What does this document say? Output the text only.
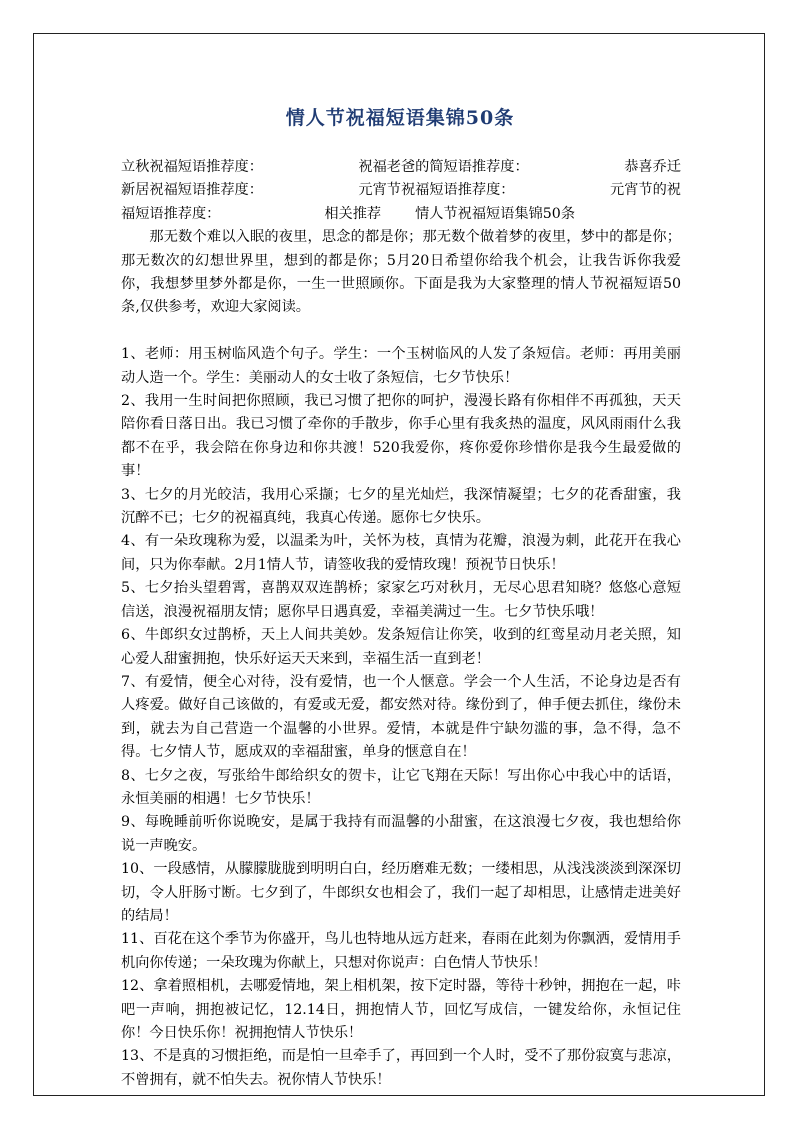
情人节祝福短语集锦50条
立秋祝福短语推荐度：	祝福老爸的简短语推荐度：	恭喜乔迁
新居祝福短语推荐度：	元宵节祝福短语推荐度：	元宵节的祝
福短语推荐度：	相关推荐 情人节祝福短语集锦50条

那无数个难以入眠的夜里，思念的都是你；那无数个做着梦的夜里，梦中的都是你；那无数次的幻想世界里，想到的都是你；5月20日希望你给我个机会，让我告诉你我爱你，我想梦里梦外都是你，一生一世照顾你。下面是我为大家整理的情人节祝福短语50条,仅供参考，欢迎大家阅读。

1、老师：用玉树临风造个句子。学生：一个玉树临风的人发了条短信。老师：再用美丽动人造一个。学生：美丽动人的女士收了条短信，七夕节快乐！

2、我用一生时间把你照顾，我已习惯了把你的呵护，漫漫长路有你相伴不再孤独，天天陪你看日落日出。我已习惯了牵你的手散步，你手心里有我炙热的温度，风风雨雨什么我都不在乎，我会陪在你身边和你共渡！520我爱你，疼你爱你珍惜你是我今生最爱做的事！

3、七夕的月光皎洁，我用心采撷；七夕的星光灿烂，我深情凝望；七夕的花香甜蜜，我沉醉不已；七夕的祝福真纯，我真心传递。愿你七夕快乐。

4、有一朵玫瑰称为爱，以温柔为叶，关怀为枝，真情为花瓣，浪漫为刺，此花开在我心间，只为你奉献。2月1情人节，请签收我的爱情玫瑰！预祝节日快乐！

5、七夕抬头望碧霄，喜鹊双双连鹊桥；家家乞巧对秋月，无尽心思君知晓？悠悠心意短信送，浪漫祝福朋友情；愿你早日遇真爱，幸福美满过一生。七夕节快乐哦！

6、牛郎织女过鹊桥，天上人间共美妙。发条短信让你笑，收到的红鸾星动月老关照，知心爱人甜蜜拥抱，快乐好运天天来到，幸福生活一直到老！

7、有爱情，便全心对待，没有爱情，也一个人惬意。学会一个人生活，不论身边是否有人疼爱。做好自己该做的，有爱或无爱，都安然对待。缘份到了，伸手便去抓住，缘份未到，就去为自己营造一个温馨的小世界。爱情，本就是件宁缺勿滥的事，急不得，急不得。七夕情人节，愿成双的幸福甜蜜，单身的惬意自在！

8、七夕之夜，写张给牛郎给织女的贺卡，让它飞翔在天际！写出你心中我心中的话语，永恒美丽的相遇！七夕节快乐！

9、每晚睡前听你说晚安，是属于我持有而温馨的小甜蜜，在这浪漫七夕夜，我也想给你说一声晚安。

10、一段感情，从朦朦胧胧到明明白白，经历磨难无数；一缕相思，从浅浅淡淡到深深切切，令人肝肠寸断。七夕到了，牛郎织女也相会了，我们一起了却相思，让感情走进美好的结局！

11、百花在这个季节为你盛开，鸟儿也特地从远方赶来，春雨在此刻为你飘洒，爱情用手机向你传递；一朵玫瑰为你献上，只想对你说声：白色情人节快乐！

12、拿着照相机，去哪爱情地，架上相机架，按下定时器，等待十秒钟，拥抱在一起，咔吧一声响，拥抱被记忆，12.14日，拥抱情人节，回忆写成信，一键发给你，永恒记住你！今日快乐你！祝拥抱情人节快乐！

13、不是真的习惯拒绝，而是怕一旦牵手了，再回到一个人时，受不了那份寂寞与悲凉，不曾拥有，就不怕失去。祝你情人节快乐！
